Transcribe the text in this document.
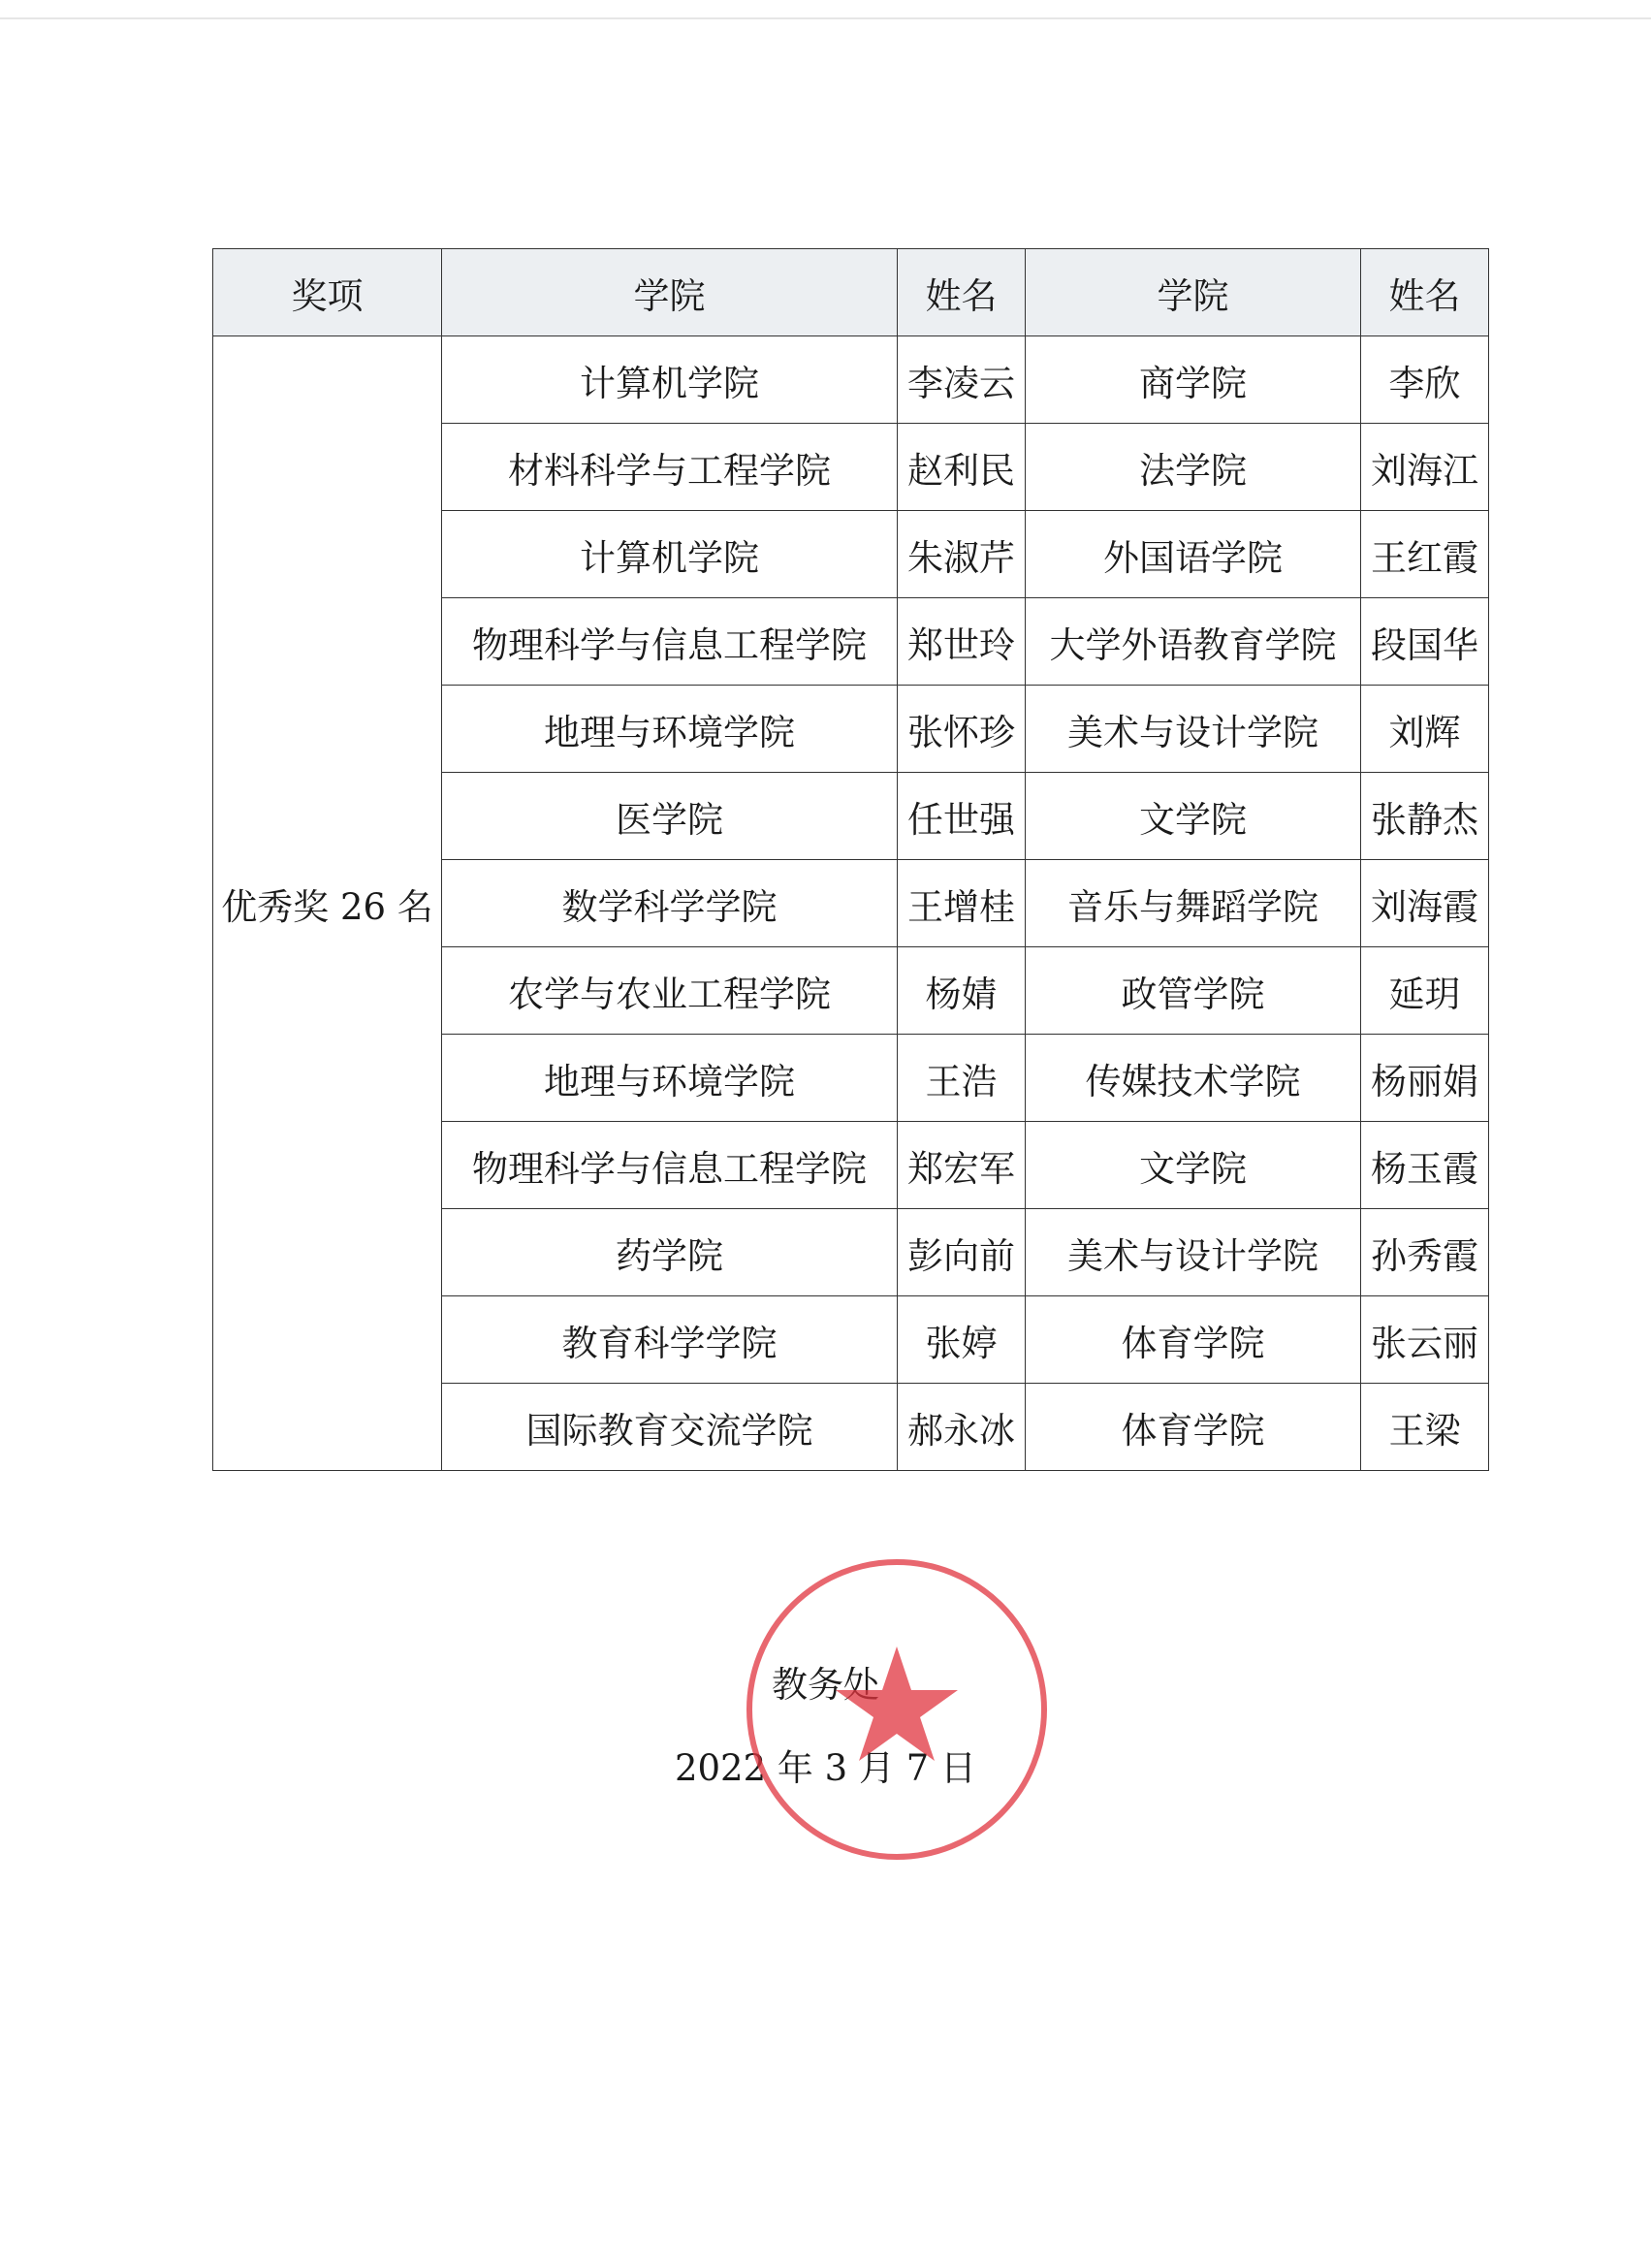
奖项	学院	姓名	学院	姓名
优秀奖 26 名	计算机学院	李凌云	商学院	李欣
	材料科学与工程学院	赵利民	法学院	刘海江
	计算机学院	朱淑芹	外国语学院	王红霞
	物理科学与信息工程学院	郑世玲	大学外语教育学院	段国华
	地理与环境学院	张怀珍	美术与设计学院	刘辉
	医学院	任世强	文学院	张静杰
	数学科学学院	王增桂	音乐与舞蹈学院	刘海霞
	农学与农业工程学院	杨婧	政管学院	延玥
	地理与环境学院	王浩	传媒技术学院	杨丽娟
	物理科学与信息工程学院	郑宏军	文学院	杨玉霞
	药学院	彭向前	美术与设计学院	孙秀霞
	教育科学学院	张婷	体育学院	张云丽
	国际教育交流学院	郝永冰	体育学院	王梁
教务处
2022 年 3 月 7 日
